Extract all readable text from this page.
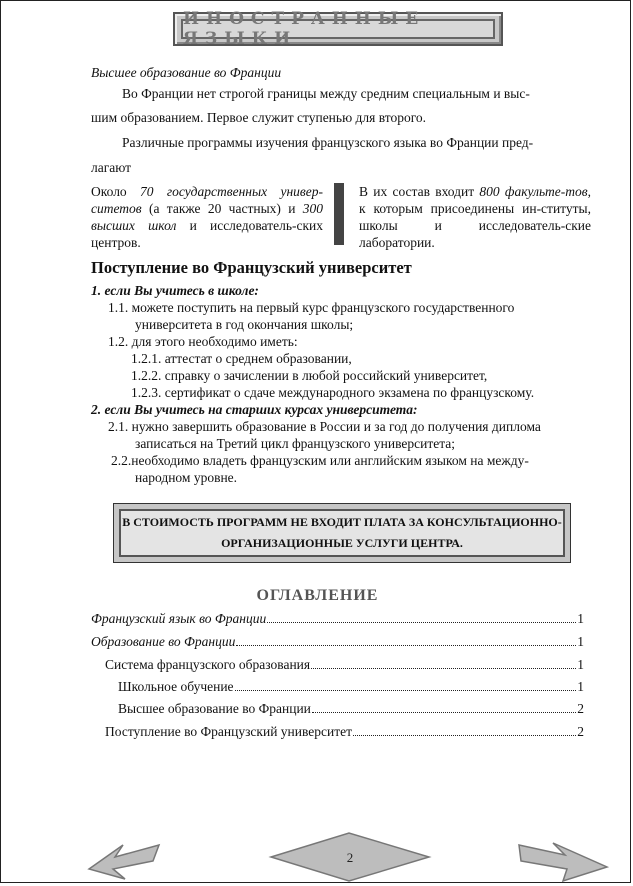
ИНОСТРАННЫЕ ЯЗЫКИ
Высшее образование во Франции
Во Франции нет строгой границы между средним специальным и выс-
шим образованием. Первое служит ступенью для второго.
Различные программы изучения французского языка во Франции пред-
лагают
Около 70 государственных универ-ситетов (а также 20 частных) и 300 высших школ и исследователь-ских центров.
В их состав входит 800 факульте-тов, к которым присоединены ин-ституты, школы и исследователь-ские лаборатории.
Поступление во Французский университет
1. если Вы учитесь в школе:
1.1. можете поступить на первый курс французского государственного
университета в год окончания школы;
1.2. для этого необходимо иметь:
1.2.1. аттестат о среднем образовании,
1.2.2. справку о зачислении в любой российский университет,
1.2.3. сертификат о сдаче международного экзамена по французскому.
2. если Вы учитесь на старших курсах университета:
2.1. нужно завершить образование в России и за год до получения диплома
записаться на Третий цикл французского университета;
2.2.необходимо владеть французским или английским языком на между-
народном уровне.
В СТОИМОСТЬ ПРОГРАММ НЕ ВХОДИТ ПЛАТА ЗА КОНСУЛЬТАЦИОННО-
ОРГАНИЗАЦИОННЫЕ УСЛУГИ ЦЕНТРА.
ОГЛАВЛЕНИЕ
Французский язык во Франции	1
Образование во Франции	1
Система французского образования	1
Школьное обучение	1
Высшее образование во Франции	2
Поступление во Французский университет	2
2
